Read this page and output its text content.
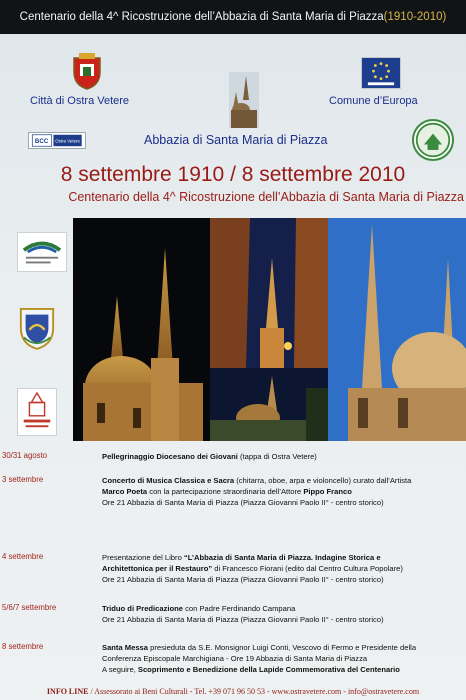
Centenario della 4^ Ricostruzione dell’Abbazia di Santa Maria di Piazza (1910-2010)
Città di Ostra Vetere	Comune d’Europa
BCC Ostra Vetere	Abbazia di Santa Maria di Piazza
8 settembre 1910 / 8 settembre 2010
Centenario della 4^ Ricostruzione dell’Abbazia di Santa Maria di Piazza
30/31 agosto	Pellegrinaggio Diocesano dei Giovani (tappa di Ostra Vetere)
3 settembre	Concerto di Musica Classica e Sacra (chitarra, oboe, arpa e violoncello) curato dall’Artista
Marco Poeta con la partecipazione straordinaria dell’Attore Pippo Franco
Ore 21 Abbazia di Santa Maria di Piazza (Piazza Giovanni Paolo II° - centro storico)
4 settembre	Presentazione del Libro “L’Abbazia di Santa Maria di Piazza. Indagine Storica e
Architettonica per il Restauro” di Francesco Fiorani (edito dal Centro Cultura Popolare)
Ore 21 Abbazia di Santa Maria di Piazza (Piazza Giovanni Paolo II° - centro storico)
5/6/7 settembre	Triduo di Predicazione con Padre Ferdinando Campana
Ore 21 Abbazia di Santa Maria di Piazza (Piazza Giovanni Paolo II° - centro storico)
8 settembre	Santa Messa presieduta da S.E. Monsignor Luigi Conti, Vescovo di Fermo e Presidente della
Conferenza Episcopale Marchigiana - Ore 19 Abbazia di Santa Maria di Piazza
A seguire, Scoprimento e Benedizione della Lapide Commemorativa del Centenario
INFO LINE / Assessorato ai Beni Culturali - Tel. +39 071 96 50 53 - www.ostravetere.com - info@ostravetere.com
